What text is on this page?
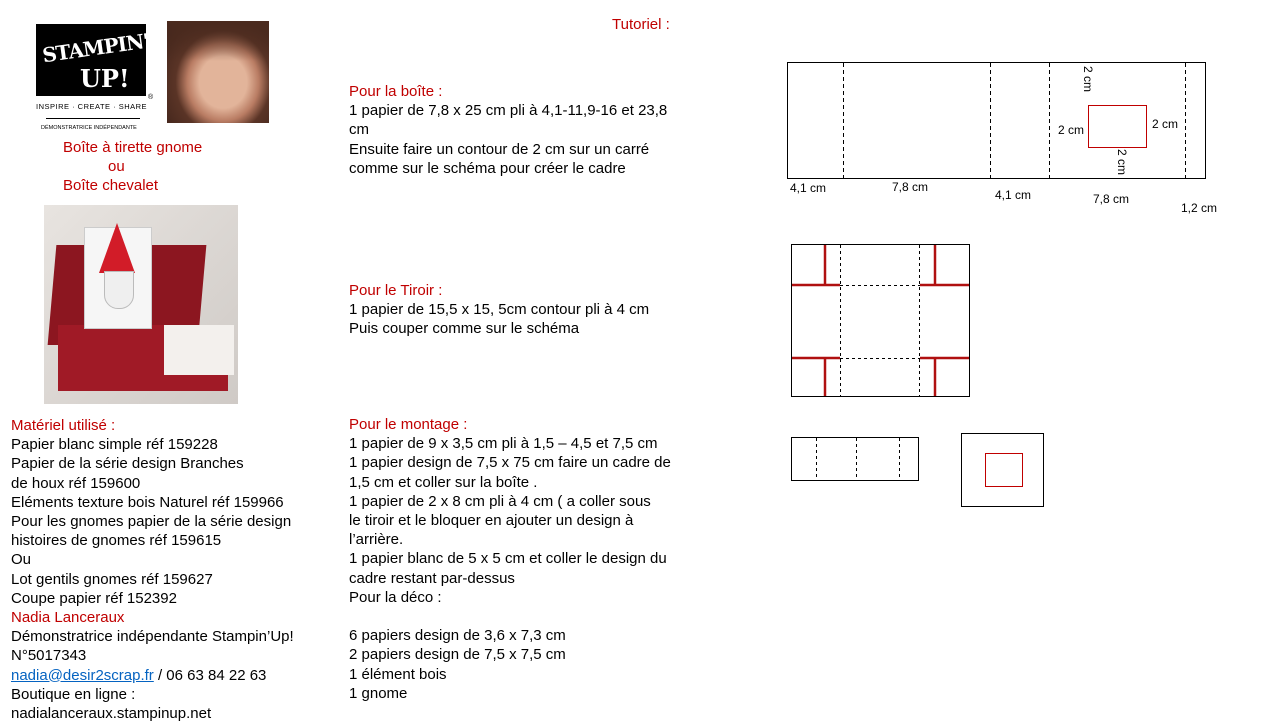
STAMPIN'
UP!
®
INSPIRE · CREATE · SHARE
DÉMONSTRATRICE INDÉPENDANTE
Tutoriel :
Boîte à tirette gnome
ou
Boîte chevalet
Pour la boîte :
1 papier de 7,8 x 25 cm pli à 4,1-11,9-16 et 23,8
cm
Ensuite faire un contour de 2 cm sur un carré
comme sur le schéma pour créer le cadre
Pour le Tiroir :
1 papier de 15,5 x 15, 5cm contour pli à 4 cm
Puis couper comme sur le schéma
Pour le montage :
1 papier de 9 x 3,5 cm pli à 1,5 – 4,5 et 7,5 cm
1 papier design de 7,5 x 75 cm faire un cadre de
1,5 cm et coller sur la boîte .
1 papier de 2 x 8 cm pli à 4 cm ( a coller sous
le tiroir et le bloquer en ajouter un design à
l’arrière.
1 papier blanc de 5 x 5 cm et coller le design du
cadre restant par-dessus
Pour la déco :
6 papiers design de 3,6 x 7,3 cm
2 papiers design de 7,5 x 7,5 cm
1 élément bois
1 gnome
Matériel utilisé :
Papier blanc simple réf 159228
Papier de la série design Branches
de houx réf 159600
Eléments texture bois Naturel réf 159966
Pour les gnomes papier de la série design
histoires de gnomes réf 159615
Ou
Lot gentils gnomes réf 159627
Coupe papier réf 152392
Nadia Lanceraux
Démonstratrice indépendante Stampin’Up!
N°5017343
nadia@desir2scrap.fr / 06 63 84 22 63
Boutique en ligne :
nadialanceraux.stampinup.net
4,1 cm	7,8 cm
4,1 cm	7,8 cm
1,2 cm
2 cm	2 cm
2 cm
2 cm
